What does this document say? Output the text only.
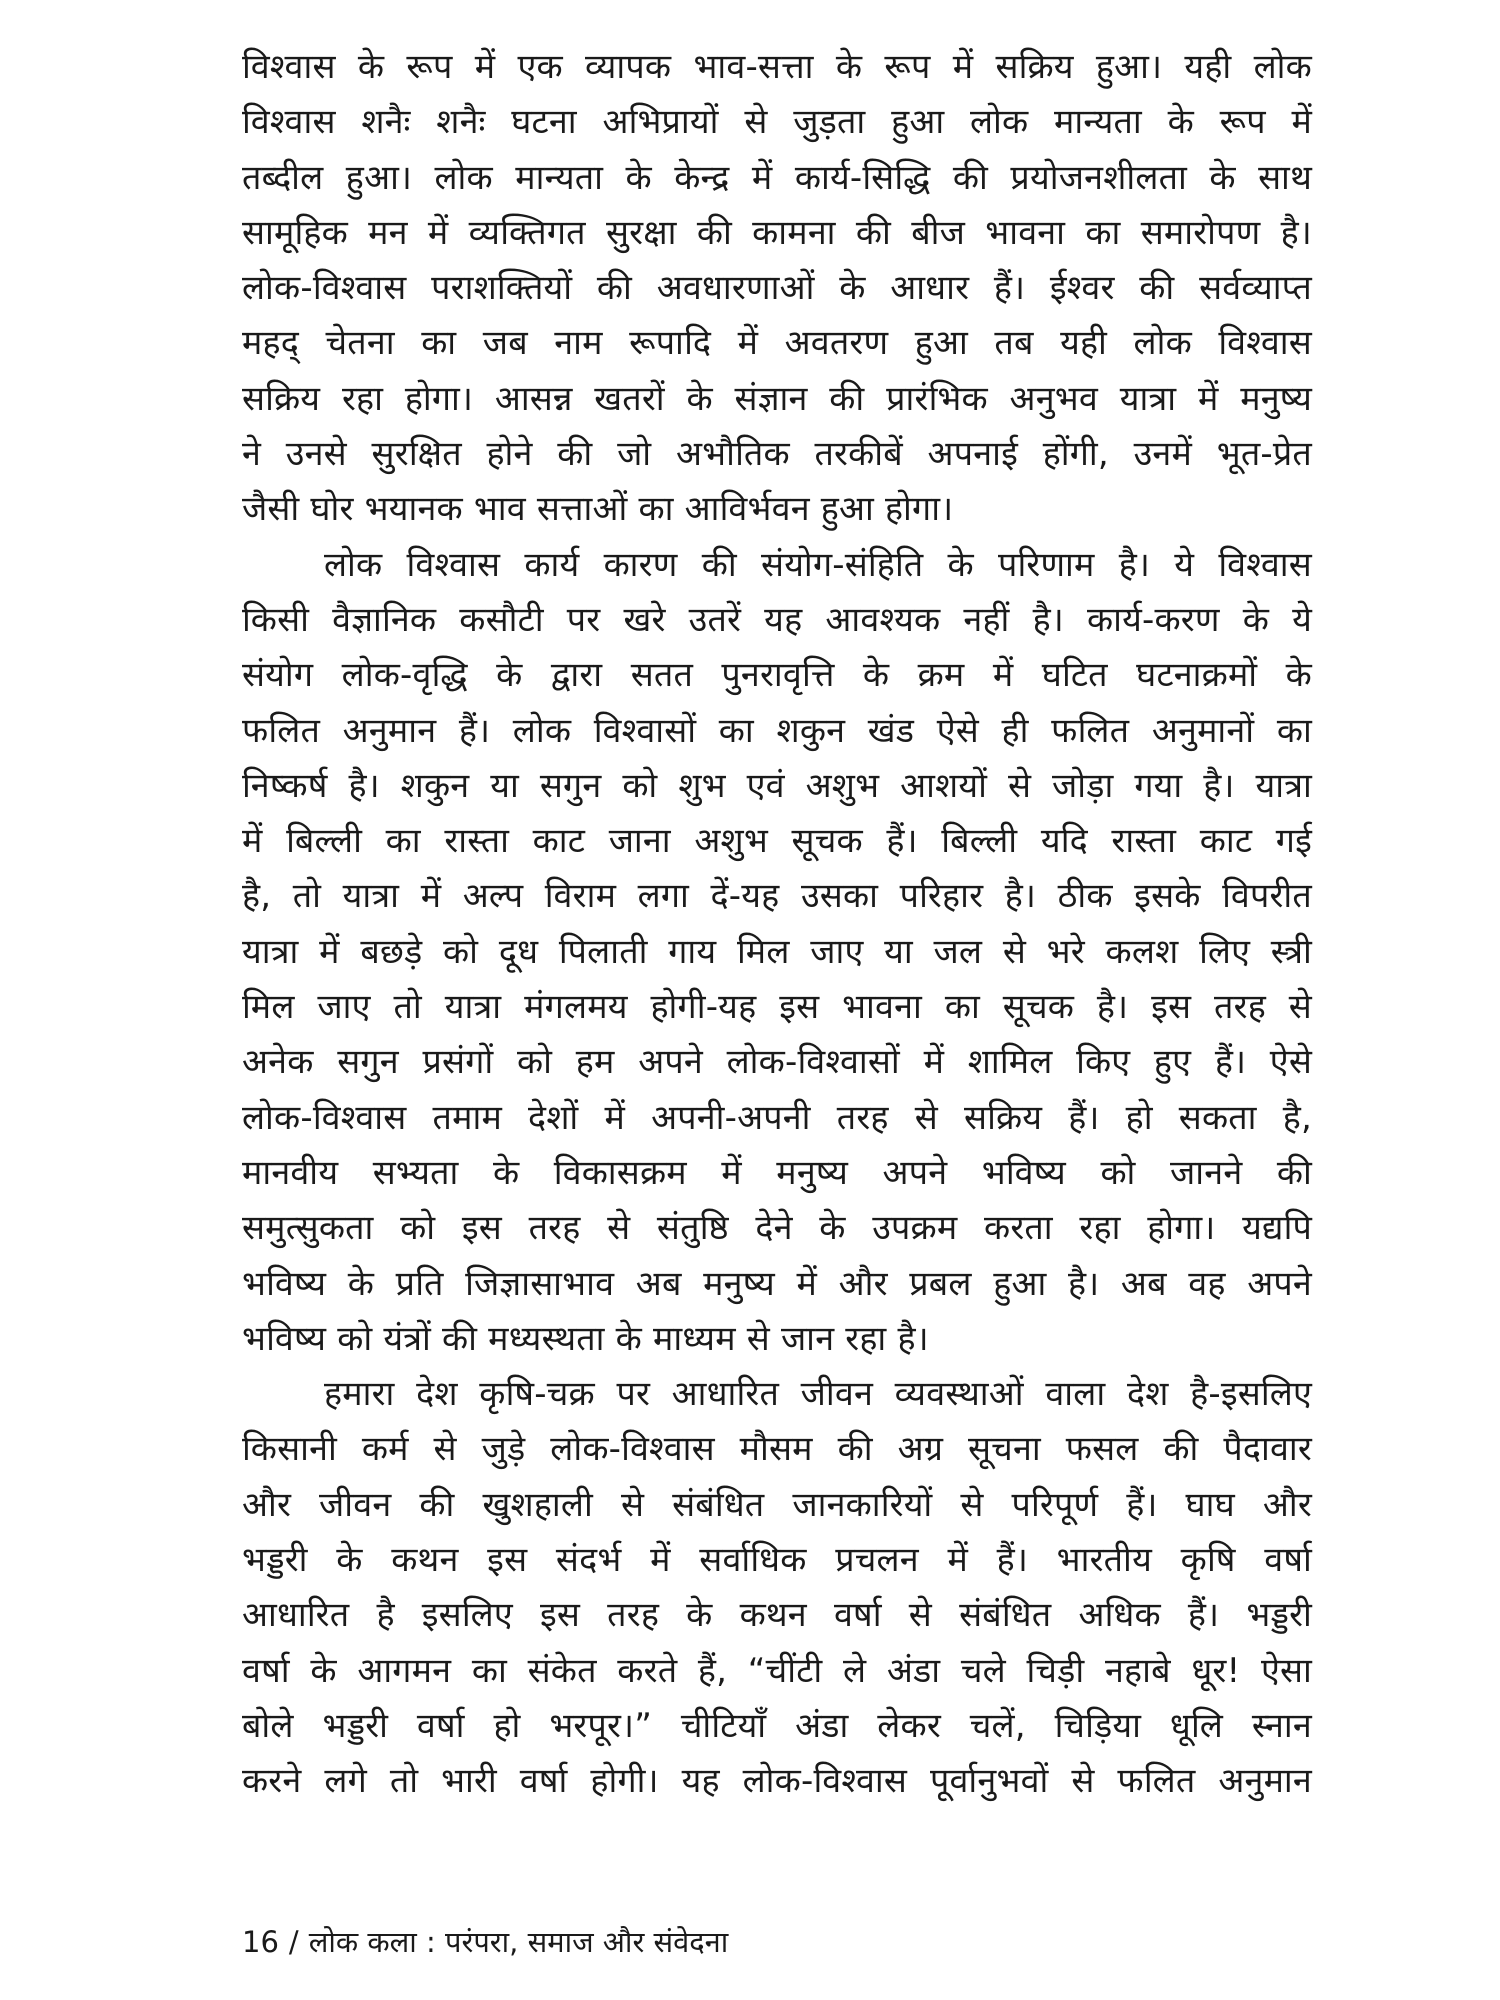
विश्वास के रूप में एक व्यापक भाव-सत्ता के रूप में सक्रिय हुआ। यही लोक
विश्वास शनैः शनैः घटना अभिप्रायों से जुड़ता हुआ लोक मान्यता के रूप में
तब्दील हुआ। लोक मान्यता के केन्द्र में कार्य-सिद्धि की प्रयोजनशीलता के साथ
सामूहिक मन में व्यक्तिगत सुरक्षा की कामना की बीज भावना का समारोपण है।
लोक-विश्वास पराशक्तियों की अवधारणाओं के आधार हैं। ईश्वर की सर्वव्याप्त
महद् चेतना का जब नाम रूपादि में अवतरण हुआ तब यही लोक विश्वास
सक्रिय रहा होगा। आसन्न खतरों के संज्ञान की प्रारंभिक अनुभव यात्रा में मनुष्य
ने उनसे सुरक्षित होने की जो अभौतिक तरकीबें अपनाई होंगी, उनमें भूत-प्रेत
जैसी घोर भयानक भाव सत्ताओं का आविर्भवन हुआ होगा।
लोक विश्वास कार्य कारण की संयोग-संहिति के परिणाम है। ये विश्वास
किसी वैज्ञानिक कसौटी पर खरे उतरें यह आवश्यक नहीं है। कार्य-करण के ये
संयोग लोक-वृद्धि के द्वारा सतत पुनरावृत्ति के क्रम में घटित घटनाक्रमों के
फलित अनुमान हैं। लोक विश्वासों का शकुन खंड ऐसे ही फलित अनुमानों का
निष्कर्ष है। शकुन या सगुन को शुभ एवं अशुभ आशयों से जोड़ा गया है। यात्रा
में बिल्ली का रास्ता काट जाना अशुभ सूचक हैं। बिल्ली यदि रास्ता काट गई
है, तो यात्रा में अल्प विराम लगा दें-यह उसका परिहार है। ठीक इसके विपरीत
यात्रा में बछड़े को दूध पिलाती गाय मिल जाए या जल से भरे कलश लिए स्त्री
मिल जाए तो यात्रा मंगलमय होगी-यह इस भावना का सूचक है। इस तरह से
अनेक सगुन प्रसंगों को हम अपने लोक-विश्वासों में शामिल किए हुए हैं। ऐसे
लोक-विश्वास तमाम देशों में अपनी-अपनी तरह से सक्रिय हैं। हो सकता है,
मानवीय सभ्यता के विकासक्रम में मनुष्य अपने भविष्य को जानने की
समुत्सुकता को इस तरह से संतुष्ठि देने के उपक्रम करता रहा होगा। यद्यपि
भविष्य के प्रति जिज्ञासाभाव अब मनुष्य में और प्रबल हुआ है। अब वह अपने
भविष्य को यंत्रों की मध्यस्थता के माध्यम से जान रहा है।
हमारा देश कृषि-चक्र पर आधारित जीवन व्यवस्थाओं वाला देश है-इसलिए
किसानी कर्म से जुड़े लोक-विश्वास मौसम की अग्र सूचना फसल की पैदावार
और जीवन की खुशहाली से संबंधित जानकारियों से परिपूर्ण हैं। घाघ और
भड्डरी के कथन इस संदर्भ में सर्वाधिक प्रचलन में हैं। भारतीय कृषि वर्षा
आधारित है इसलिए इस तरह के कथन वर्षा से संबंधित अधिक हैं। भड्डरी
वर्षा के आगमन का संकेत करते हैं, “चींटी ले अंडा चले चिड़ी नहाबे धूर! ऐसा
बोले भड्डरी वर्षा हो भरपूर।” चीटियाँ अंडा लेकर चलें, चिड़िया धूलि स्नान
करने लगे तो भारी वर्षा होगी। यह लोक-विश्वास पूर्वानुभवों से फलित अनुमान
16 / लोक कला : परंपरा, समाज और संवेदना
